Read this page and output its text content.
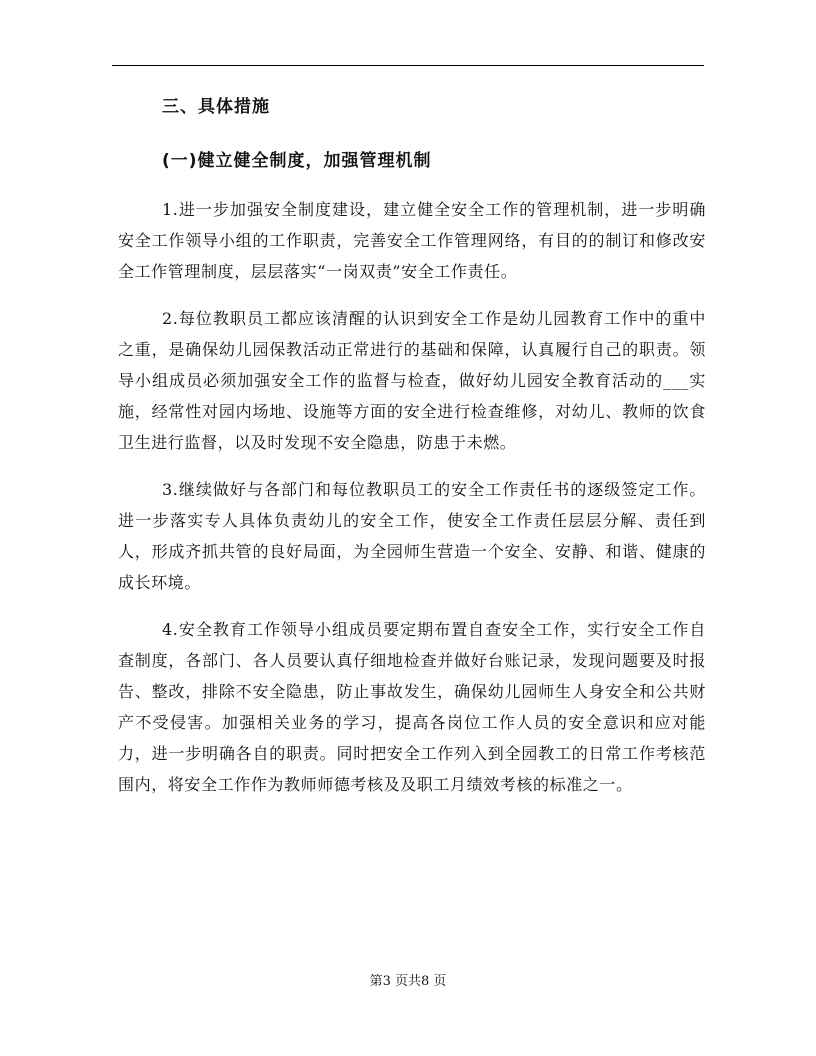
三、具体措施

(一)健立健全制度，加强管理机制

1.进一步加强安全制度建设，建立健全安全工作的管理机制，进一步明确安全工作领导小组的工作职责，完善安全工作管理网络，有目的的制订和修改安全工作管理制度，层层落实“一岗双责”安全工作责任。

2.每位教职员工都应该清醒的认识到安全工作是幼儿园教育工作中的重中之重，是确保幼儿园保教活动正常进行的基础和保障，认真履行自己的职责。领导小组成员必须加强安全工作的监督与检查，做好幼儿园安全教育活动的___实施，经常性对园内场地、设施等方面的安全进行检查维修，对幼儿、教师的饮食卫生进行监督，以及时发现不安全隐患，防患于未燃。

3.继续做好与各部门和每位教职员工的安全工作责任书的逐级签定工作。进一步落实专人具体负责幼儿的安全工作，使安全工作责任层层分解、责任到人，形成齐抓共管的良好局面，为全园师生营造一个安全、安静、和谐、健康的成长环境。

4.安全教育工作领导小组成员要定期布置自查安全工作，实行安全工作自查制度，各部门、各人员要认真仔细地检查并做好台账记录，发现问题要及时报告、整改，排除不安全隐患，防止事故发生，确保幼儿园师生人身安全和公共财产不受侵害。加强相关业务的学习，提高各岗位工作人员的安全意识和应对能力，进一步明确各自的职责。同时把安全工作列入到全园教工的日常工作考核范围内，将安全工作作为教师师德考核及及职工月绩效考核的标准之一。

第3 页共8 页
